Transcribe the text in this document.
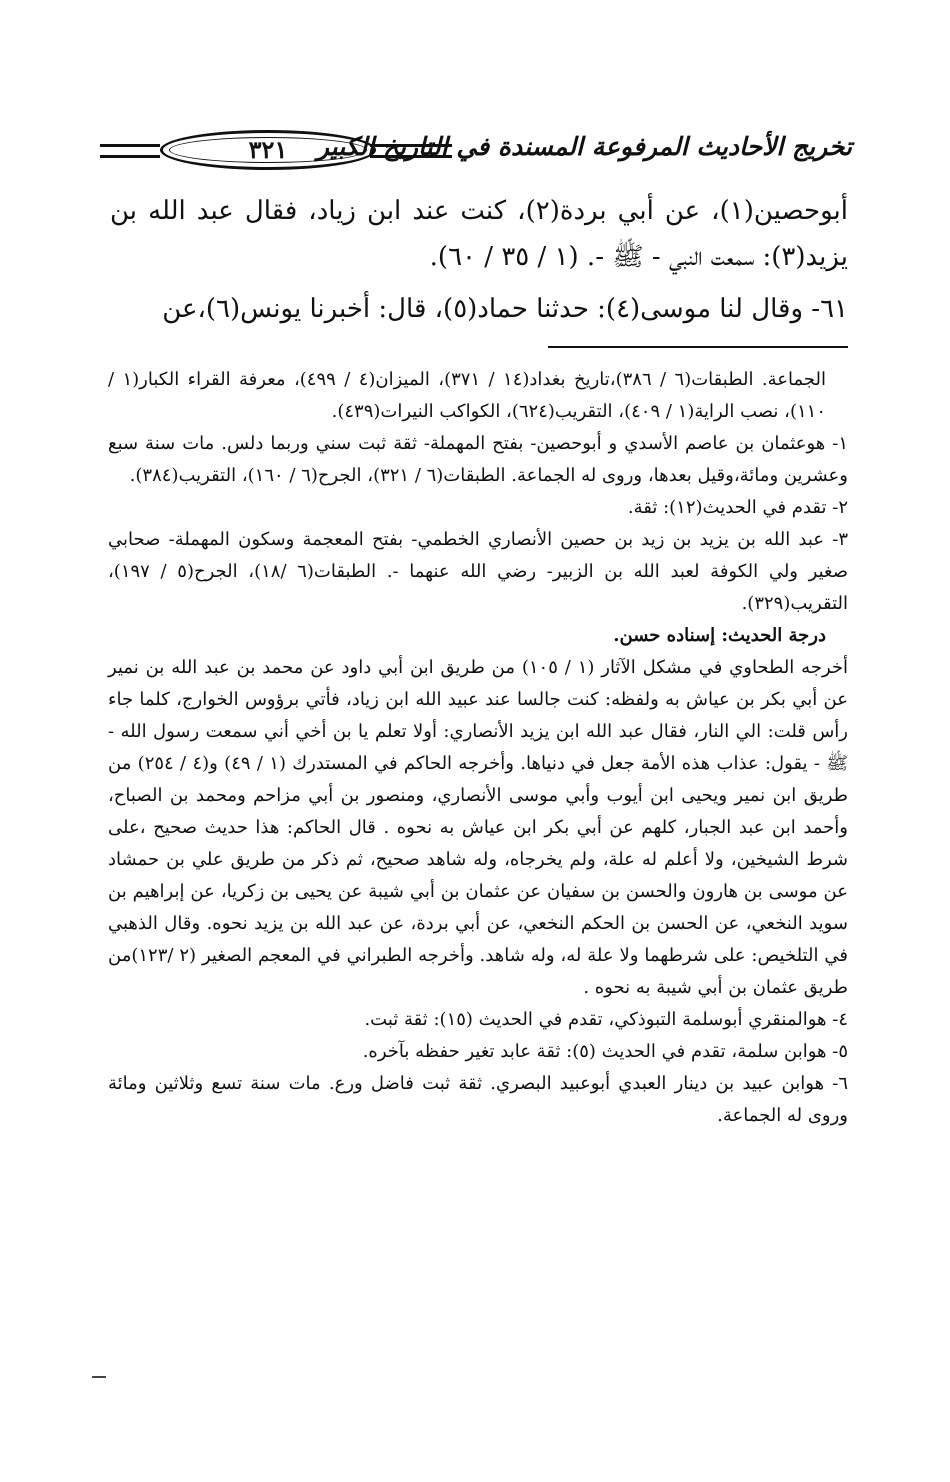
٣٢١	تخريج الأحاديث المرفوعة المسندة في التاريخ الكبير

أبوحصين(١)، عن أبي بردة(٢)، كنت عند ابن زياد، فقال عبد الله بن يزيد(٣): سمعت النبي - ﷺ -. (١ / ٣٥ / ٦٠).

٦١- وقال لنا موسى(٤): حدثنا حماد(٥)، قال: أخبرنا يونس(٦)،عن

الجماعة. الطبقات(٦ / ٣٨٦)،تاريخ بغداد(١٤ / ٣٧١)، الميزان(٤ / ٤٩٩)، معرفة القراء الكبار(١ / ١١٠)، نصب الراية(١ / ٤٠٩)، التقريب(٦٢٤)، الكواكب النيرات(٤٣٩).

١- هوعثمان بن عاصم الأسدي و أبوحصين- بفتح المهملة- ثقة ثبت سني وربما دلس. مات سنة سبع وعشرين ومائة،وقيل بعدها، وروى له الجماعة. الطبقات(٦ / ٣٢١)، الجرح(٦ / ١٦٠)، التقريب(٣٨٤).

٢- تقدم في الحديث(١٢): ثقة.

٣- عبد الله بن يزيد بن زيد بن حصين الأنصاري الخطمي- بفتح المعجمة وسكون المهملة- صحابي صغير ولي الكوفة لعبد الله بن الزبير- رضي الله عنهما -. الطبقات(٦ /١٨)، الجرح(٥ / ١٩٧)، التقريب(٣٢٩).

درجة الحديث: إسناده حسن.

أخرجه الطحاوي في مشكل الآثار (١ / ١٠٥) من طريق ابن أبي داود عن محمد بن عبد الله بن نمير عن أبي بكر بن عياش به ولفظه: كنت جالسا عند عبيد الله ابن زياد، فأتي برؤوس الخوارج، كلما جاء رأس قلت: الي النار، فقال عبد الله ابن يزيد الأنصاري: أولا تعلم يا بن أخي أني سمعت رسول الله - ﷺ - يقول: عذاب هذه الأمة جعل في دنياها. وأخرجه الحاكم في المستدرك (١ / ٤٩) و(٤ / ٢٥٤) من طريق ابن نمير ويحيى ابن أيوب وأبي موسى الأنصاري، ومنصور بن أبي مزاحم ومحمد بن الصباح، وأحمد ابن عبد الجبار، كلهم عن أبي بكر ابن عياش به نحوه . قال الحاكم: هذا حديث صحيح ،على شرط الشيخين، ولا أعلم له علة، ولم يخرجاه، وله شاهد صحيح، ثم ذكر من طريق علي بن حمشاد عن موسى بن هارون والحسن بن سفيان عن عثمان بن أبي شيبة عن يحيى بن زكريا، عن إبراهيم بن سويد النخعي، عن الحسن بن الحكم النخعي، عن أبي بردة، عن عبد الله بن يزيد نحوه. وقال الذهبي في التلخيص: على شرطهما ولا علة له، وله شاهد. وأخرجه الطبراني في المعجم الصغير (٢ /١٢٣)من طريق عثمان بن أبي شيبة به نحوه .

٤- هوالمنقري أبوسلمة التبوذكي، تقدم في الحديث (١٥): ثقة ثبت.

٥- هوابن سلمة، تقدم في الحديث (٥): ثقة عابد تغير حفظه بآخره.

٦- هوابن عبيد بن دينار العبدي أبوعبيد البصري. ثقة ثبت فاضل ورع. مات سنة تسع وثلاثين ومائة وروى له الجماعة.
